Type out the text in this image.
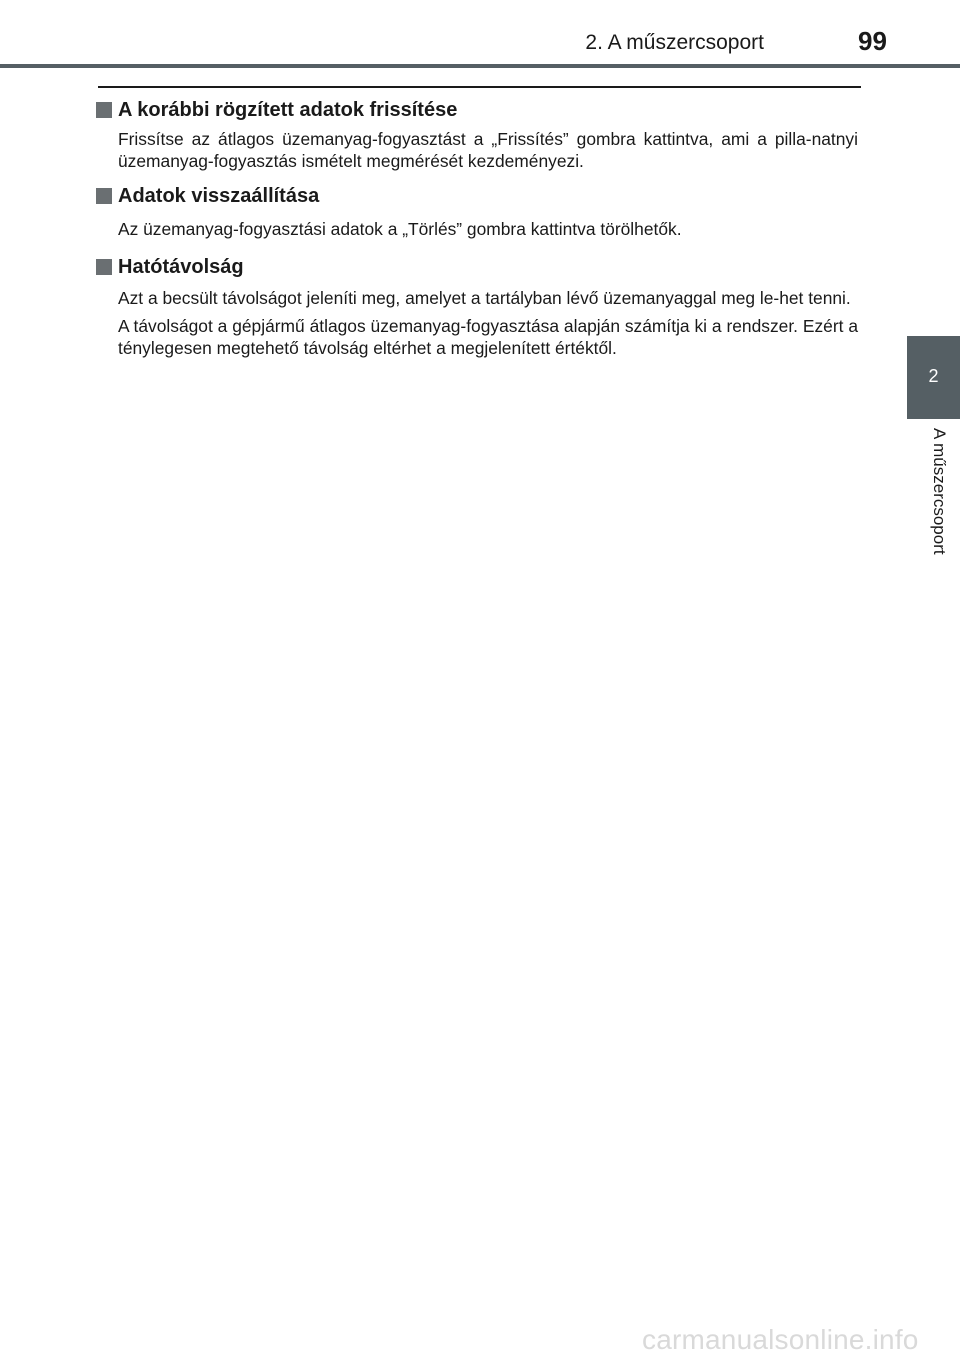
2. A műszercsoport	99
A korábbi rögzített adatok frissítése

Frissítse az átlagos üzemanyag-fogyasztást a „Frissítés” gombra kattintva, ami a pilla-natnyi üzemanyag-fogyasztás ismételt megmérését kezdeményezi.

Adatok visszaállítása

Az üzemanyag-fogyasztási adatok a „Törlés” gombra kattintva törölhetők.

Hatótávolság

Azt a becsült távolságot jeleníti meg, amelyet a tartályban lévő üzemanyaggal meg le-het tenni.

A távolságot a gépjármű átlagos üzemanyag-fogyasztása alapján számítja ki a rendszer. Ezért a ténylegesen megtehető távolság eltérhet a megjelenített értéktől.

2
A műszercsoport
carmanualsonline.info
